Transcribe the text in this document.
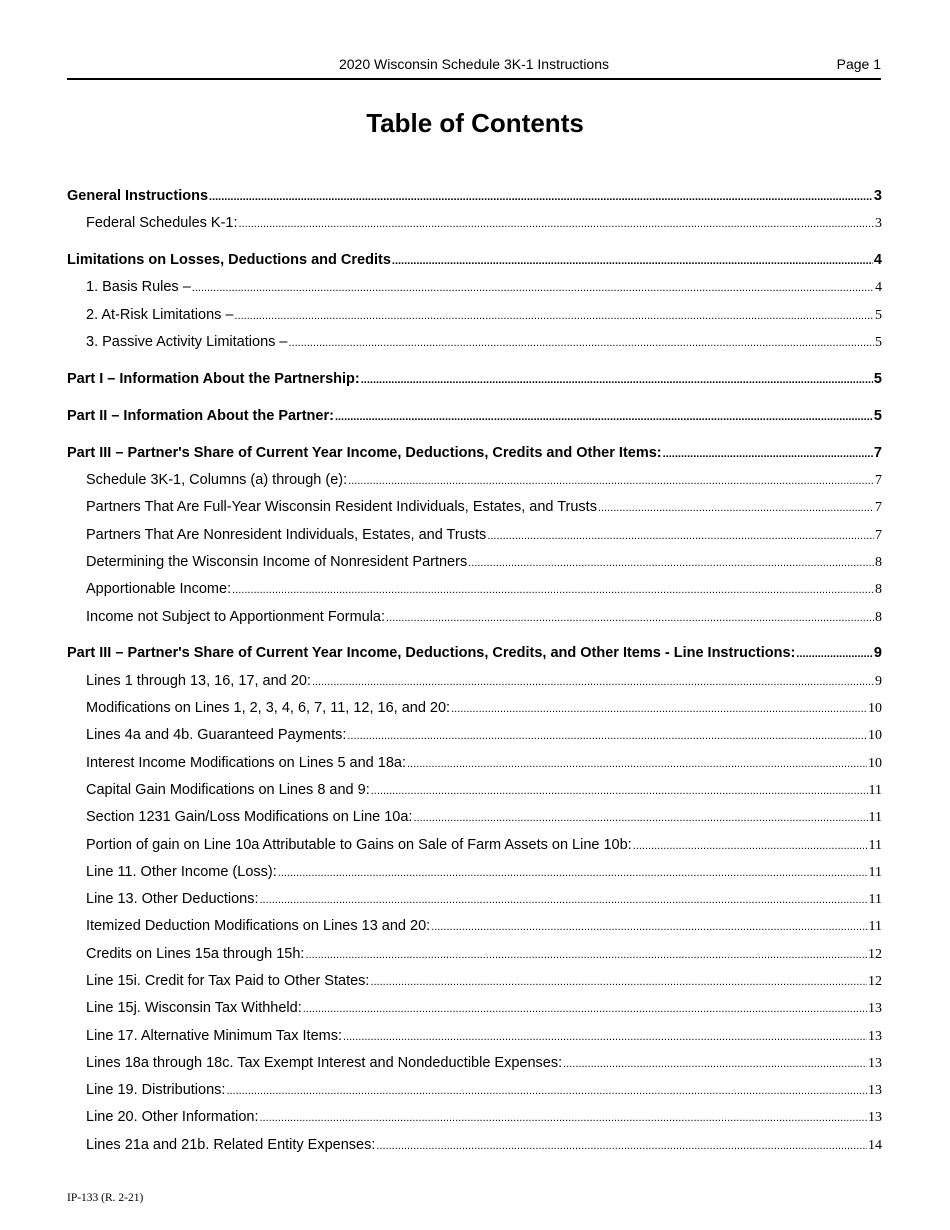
2020 Wisconsin Schedule 3K-1 Instructions	Page 1
Table of Contents
General Instructions .....	3
Federal Schedules K-1: .....	3
Limitations on Losses, Deductions and Credits .....	4
1. Basis Rules – .....	4
2. At-Risk Limitations – .....	5
3. Passive Activity Limitations – .....	5
Part I – Information About the Partnership: .....	5
Part II – Information About the Partner: .....	5
Part III – Partner's Share of Current Year Income, Deductions, Credits and Other Items: .....	7
Schedule 3K-1, Columns (a) through (e): .....	7
Partners That Are Full-Year Wisconsin Resident Individuals, Estates, and Trusts .....	7
Partners That Are Nonresident Individuals, Estates, and Trusts .....	7
Determining the Wisconsin Income of Nonresident Partners .....	8
Apportionable Income: .....	8
Income not Subject to Apportionment Formula: .....	8
Part III – Partner's Share of Current Year Income, Deductions, Credits, and Other Items - Line Instructions: .....	9
Lines 1 through 13, 16, 17, and 20: .....	9
Modifications on Lines 1, 2, 3, 4, 6, 7, 11, 12, 16, and 20: .....	10
Lines 4a and 4b. Guaranteed Payments: .....	10
Interest Income Modifications on Lines 5 and 18a: .....	10
Capital Gain Modifications on Lines 8 and 9: .....	11
Section 1231 Gain/Loss Modifications on Line 10a: .....	11
Portion of gain on Line 10a Attributable to Gains on Sale of Farm Assets on Line 10b: .....	11
Line 11. Other Income (Loss): .....	11
Line 13. Other Deductions: .....	11
Itemized Deduction Modifications on Lines 13 and 20: .....	11
Credits on Lines 15a through 15h: .....	12
Line 15i. Credit for Tax Paid to Other States: .....	12
Line 15j. Wisconsin Tax Withheld: .....	13
Line 17. Alternative Minimum Tax Items: .....	13
Lines 18a through 18c. Tax Exempt Interest and Nondeductible Expenses: .....	13
Line 19. Distributions: .....	13
Line 20. Other Information: .....	13
Lines 21a and 21b. Related Entity Expenses: .....	14
IP-133 (R. 2-21)
